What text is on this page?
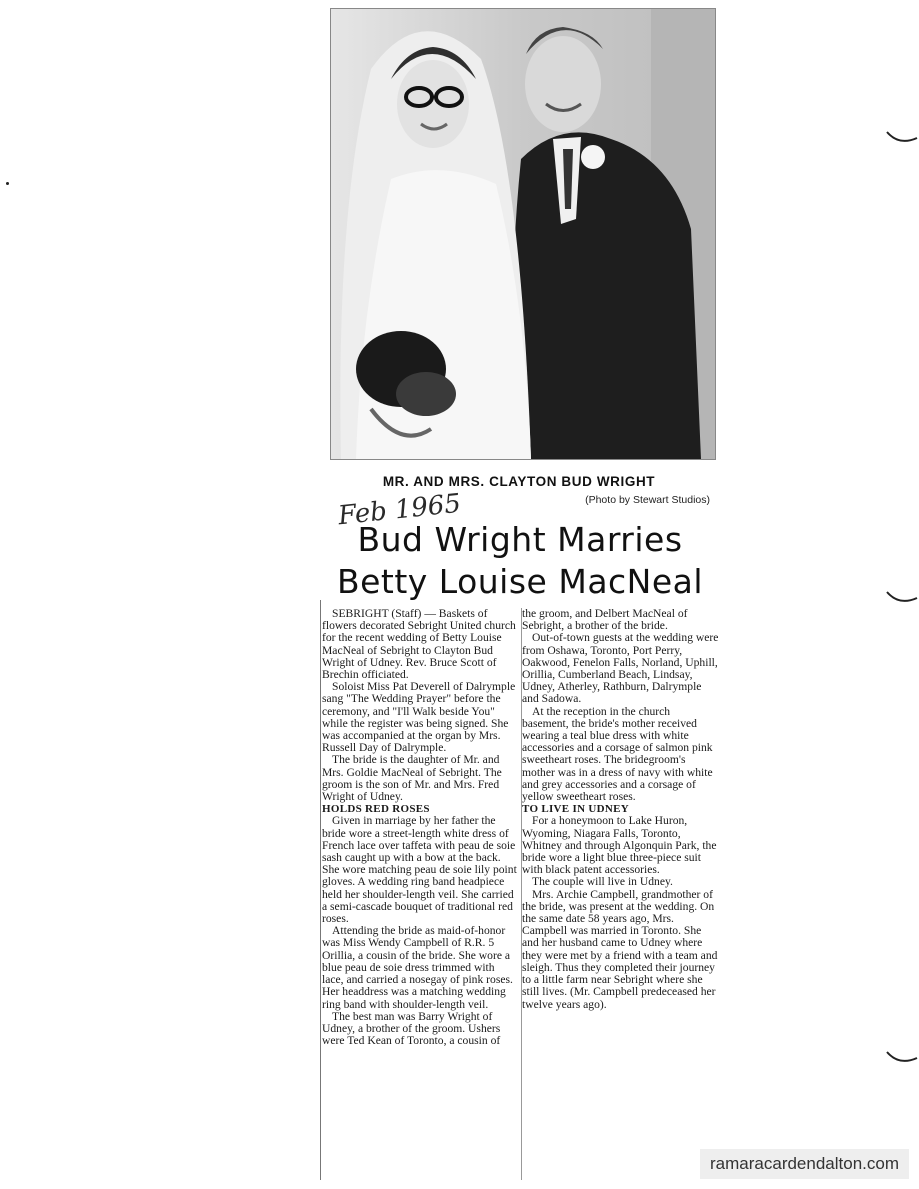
MR. AND MRS. CLAYTON BUD WRIGHT
(Photo by Stewart Studios)
Feb 1965
Bud Wright Marries
Betty Louise MacNeal

SEBRIGHT (Staff) — Baskets of flowers decorated Sebright United church for the recent wedding of Betty Louise MacNeal of Sebright to Clayton Bud Wright of Udney. Rev. Bruce Scott of Brechin officiated.

Soloist Miss Pat Deverell of Dalrymple sang "The Wedding Prayer" before the ceremony, and "I'll Walk beside You" while the register was being signed. She was accompanied at the organ by Mrs. Russell Day of Dalrymple.

The bride is the daughter of Mr. and Mrs. Goldie MacNeal of Sebright. The groom is the son of Mr. and Mrs. Fred Wright of Udney.

HOLDS RED ROSES

Given in marriage by her father the bride wore a street-length white dress of French lace over taffeta with peau de soie sash caught up with a bow at the back. She wore matching peau de soie lily point gloves. A wedding ring band headpiece held her shoulder-length veil. She carried a semi-cascade bouquet of traditional red roses.

Attending the bride as maid-of-honor was Miss Wendy Campbell of R.R. 5 Orillia, a cousin of the bride. She wore a blue peau de soie dress trimmed with lace, and carried a nosegay of pink roses. Her headdress was a matching wedding ring band with shoulder-length veil.

The best man was Barry Wright of Udney, a brother of the groom. Ushers were Ted Kean of Toronto, a cousin of

the groom, and Delbert MacNeal of Sebright, a brother of the bride.

Out-of-town guests at the wedding were from Oshawa, Toronto, Port Perry, Oakwood, Fenelon Falls, Norland, Uphill, Orillia, Cumberland Beach, Lindsay, Udney, Atherley, Rathburn, Dalrymple and Sadowa.

At the reception in the church basement, the bride's mother received wearing a teal blue dress with white accessories and a corsage of salmon pink sweetheart roses. The bridegroom's mother was in a dress of navy with white and grey accessories and a corsage of yellow sweetheart roses.

TO LIVE IN UDNEY

For a honeymoon to Lake Huron, Wyoming, Niagara Falls, Toronto, Whitney and through Algonquin Park, the bride wore a light blue three-piece suit with black patent accessories.

The couple will live in Udney.

Mrs. Archie Campbell, grandmother of the bride, was present at the wedding. On the same date 58 years ago, Mrs. Campbell was married in Toronto. She and her husband came to Udney where they were met by a friend with a team and sleigh. Thus they completed their journey to a little farm near Sebright where she still lives. (Mr. Campbell predeceased her twelve years ago).

ramaracardendalton.com
